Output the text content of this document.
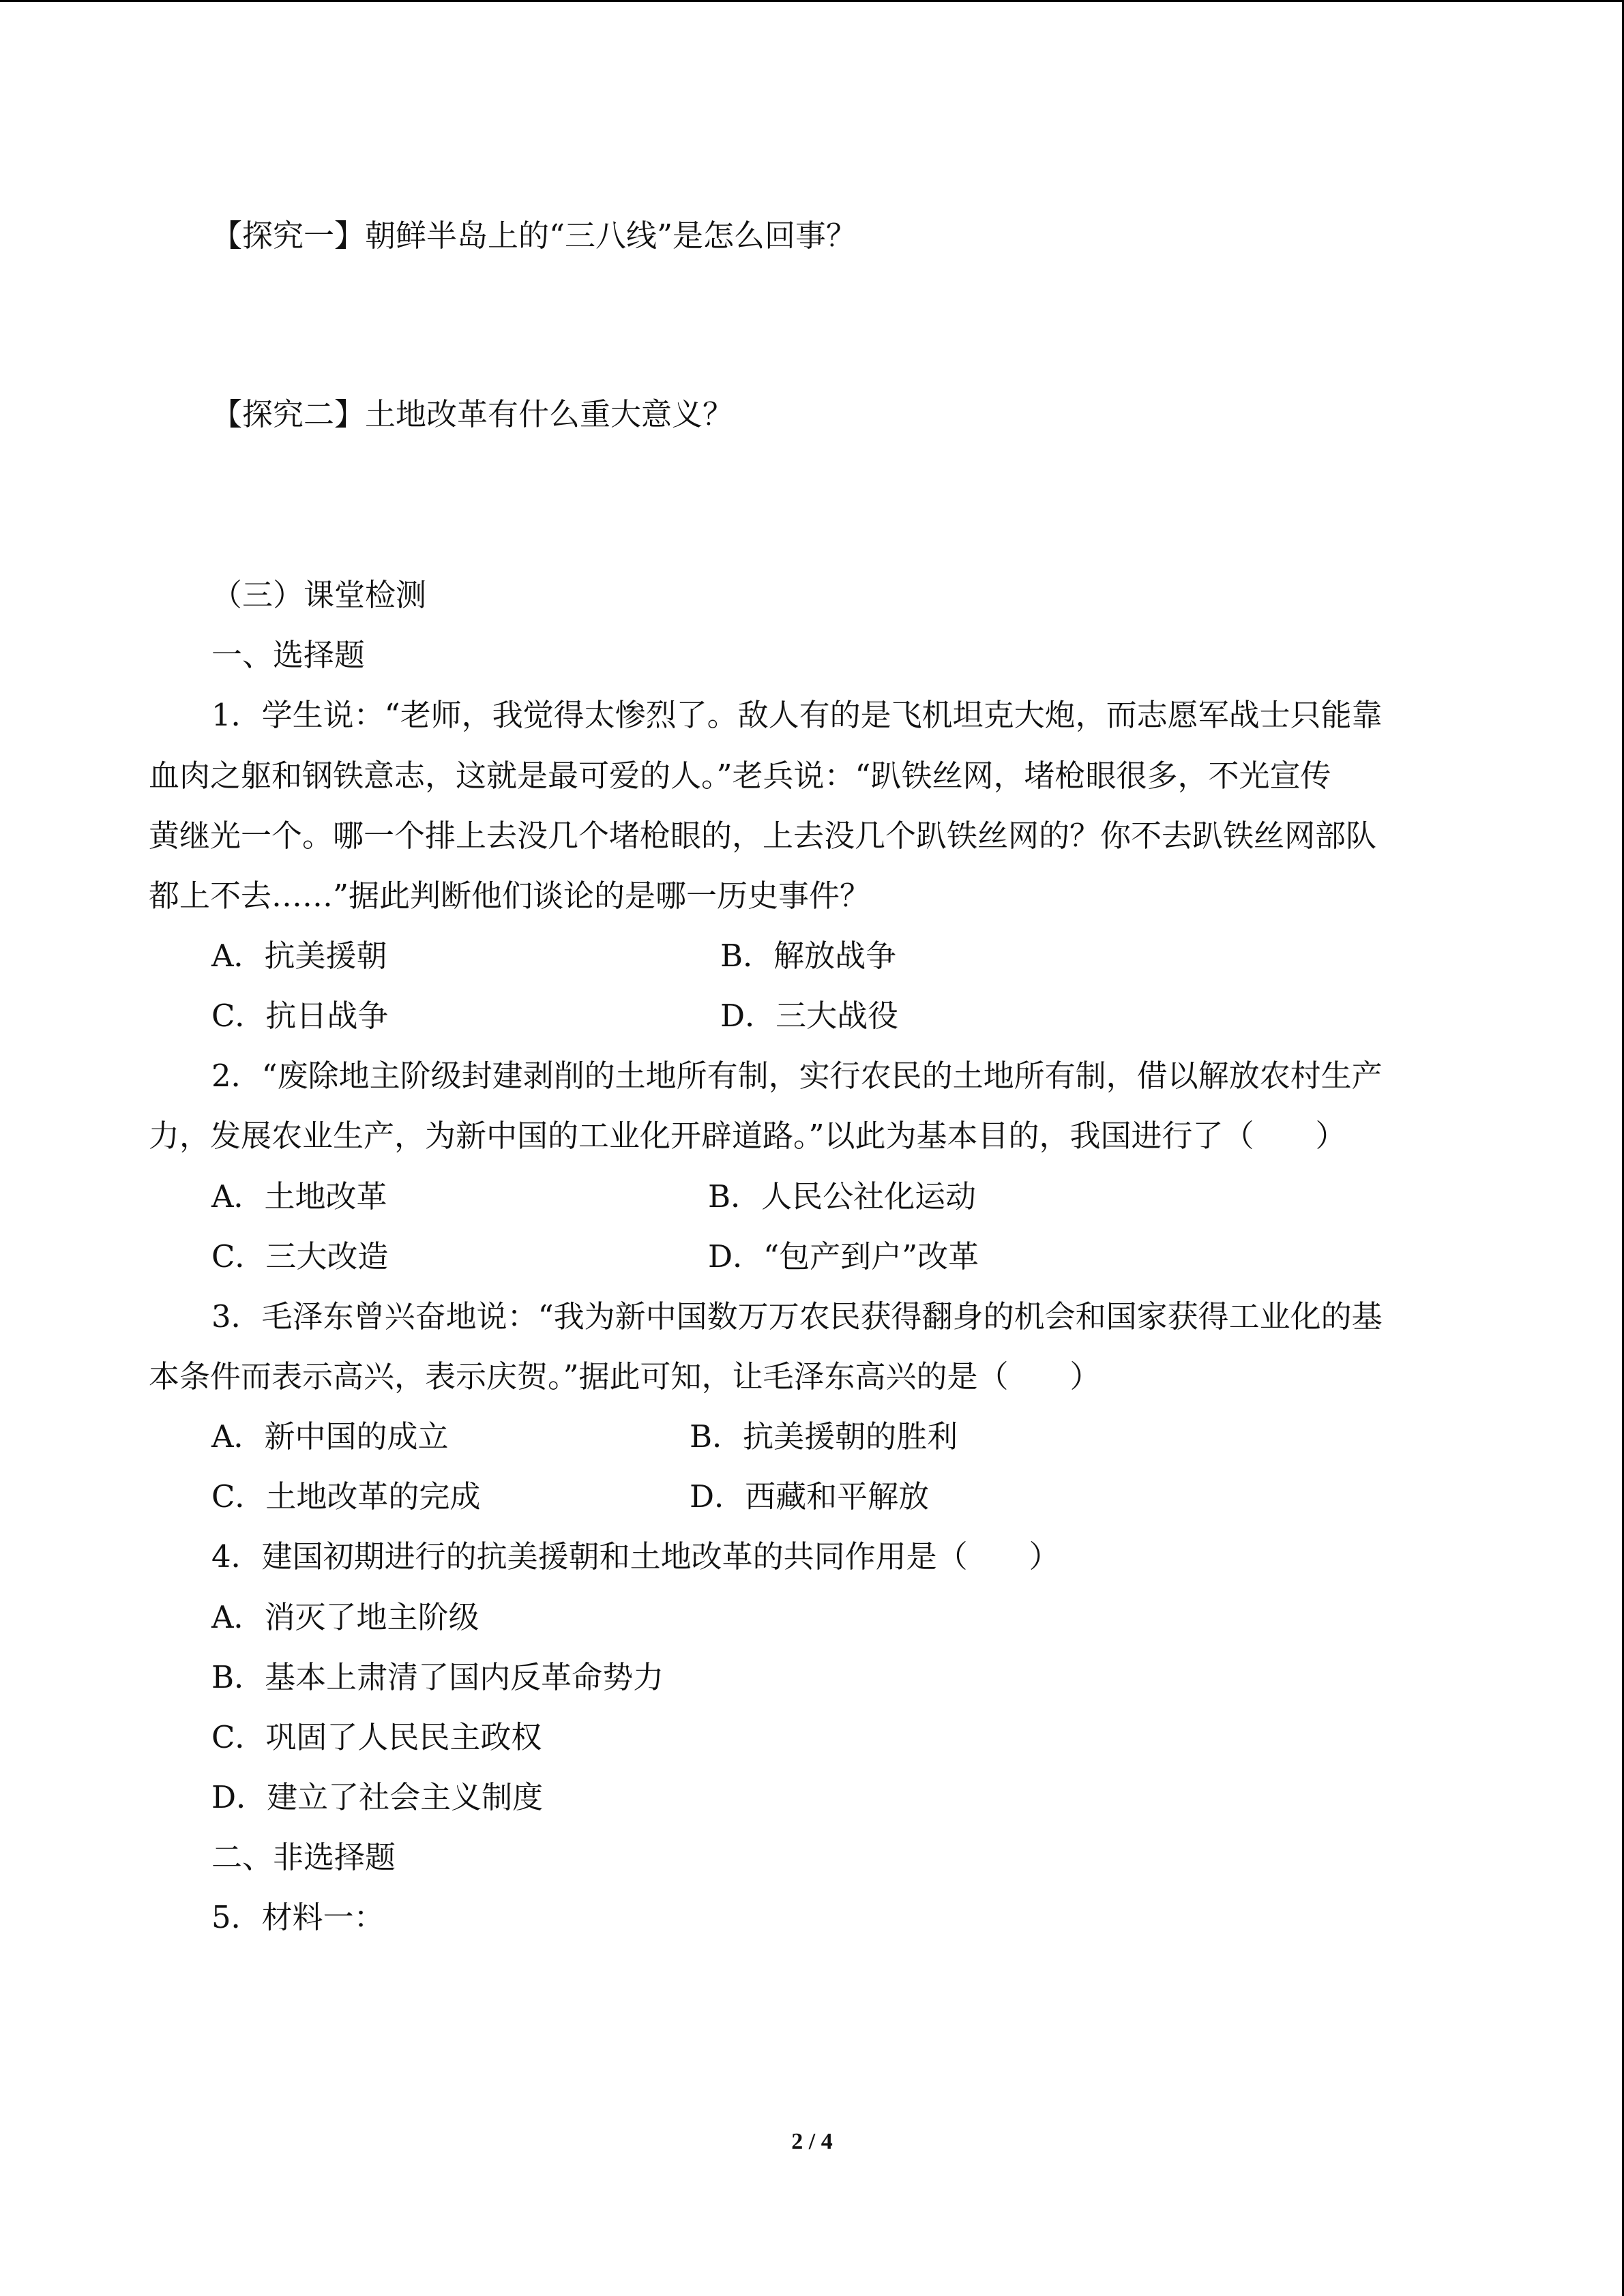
【探究一】朝鲜半岛上的“三八线”是怎么回事？
【探究二】土地改革有什么重大意义？
（三）课堂检测
一、选择题
1．学生说：“老师，我觉得太惨烈了。敌人有的是飞机坦克大炮，而志愿军战士只能靠
血肉之躯和钢铁意志，这就是最可爱的人。”老兵说：“趴铁丝网，堵枪眼很多，不光宣传
黄继光一个。哪一个排上去没几个堵枪眼的，上去没几个趴铁丝网的？你不去趴铁丝网部队
都上不去……”据此判断他们谈论的是哪一历史事件？
A．抗美援朝	B．解放战争
C．抗日战争	D．三大战役
2．“废除地主阶级封建剥削的土地所有制，实行农民的土地所有制，借以解放农村生产
力，发展农业生产，为新中国的工业化开辟道路。”以此为基本目的，我国进行了（　　）
A．土地改革	B．人民公社化运动
C．三大改造	D．“包产到户”改革
3．毛泽东曾兴奋地说：“我为新中国数万万农民获得翻身的机会和国家获得工业化的基
本条件而表示高兴，表示庆贺。”据此可知，让毛泽东高兴的是（　　）
A．新中国的成立	B．抗美援朝的胜利
C．土地改革的完成	D．西藏和平解放
4．建国初期进行的抗美援朝和土地改革的共同作用是（　　）
A．消灭了地主阶级
B．基本上肃清了国内反革命势力
C．巩固了人民民主政权
D．建立了社会主义制度
二、非选择题
5．材料一：
2 / 4
